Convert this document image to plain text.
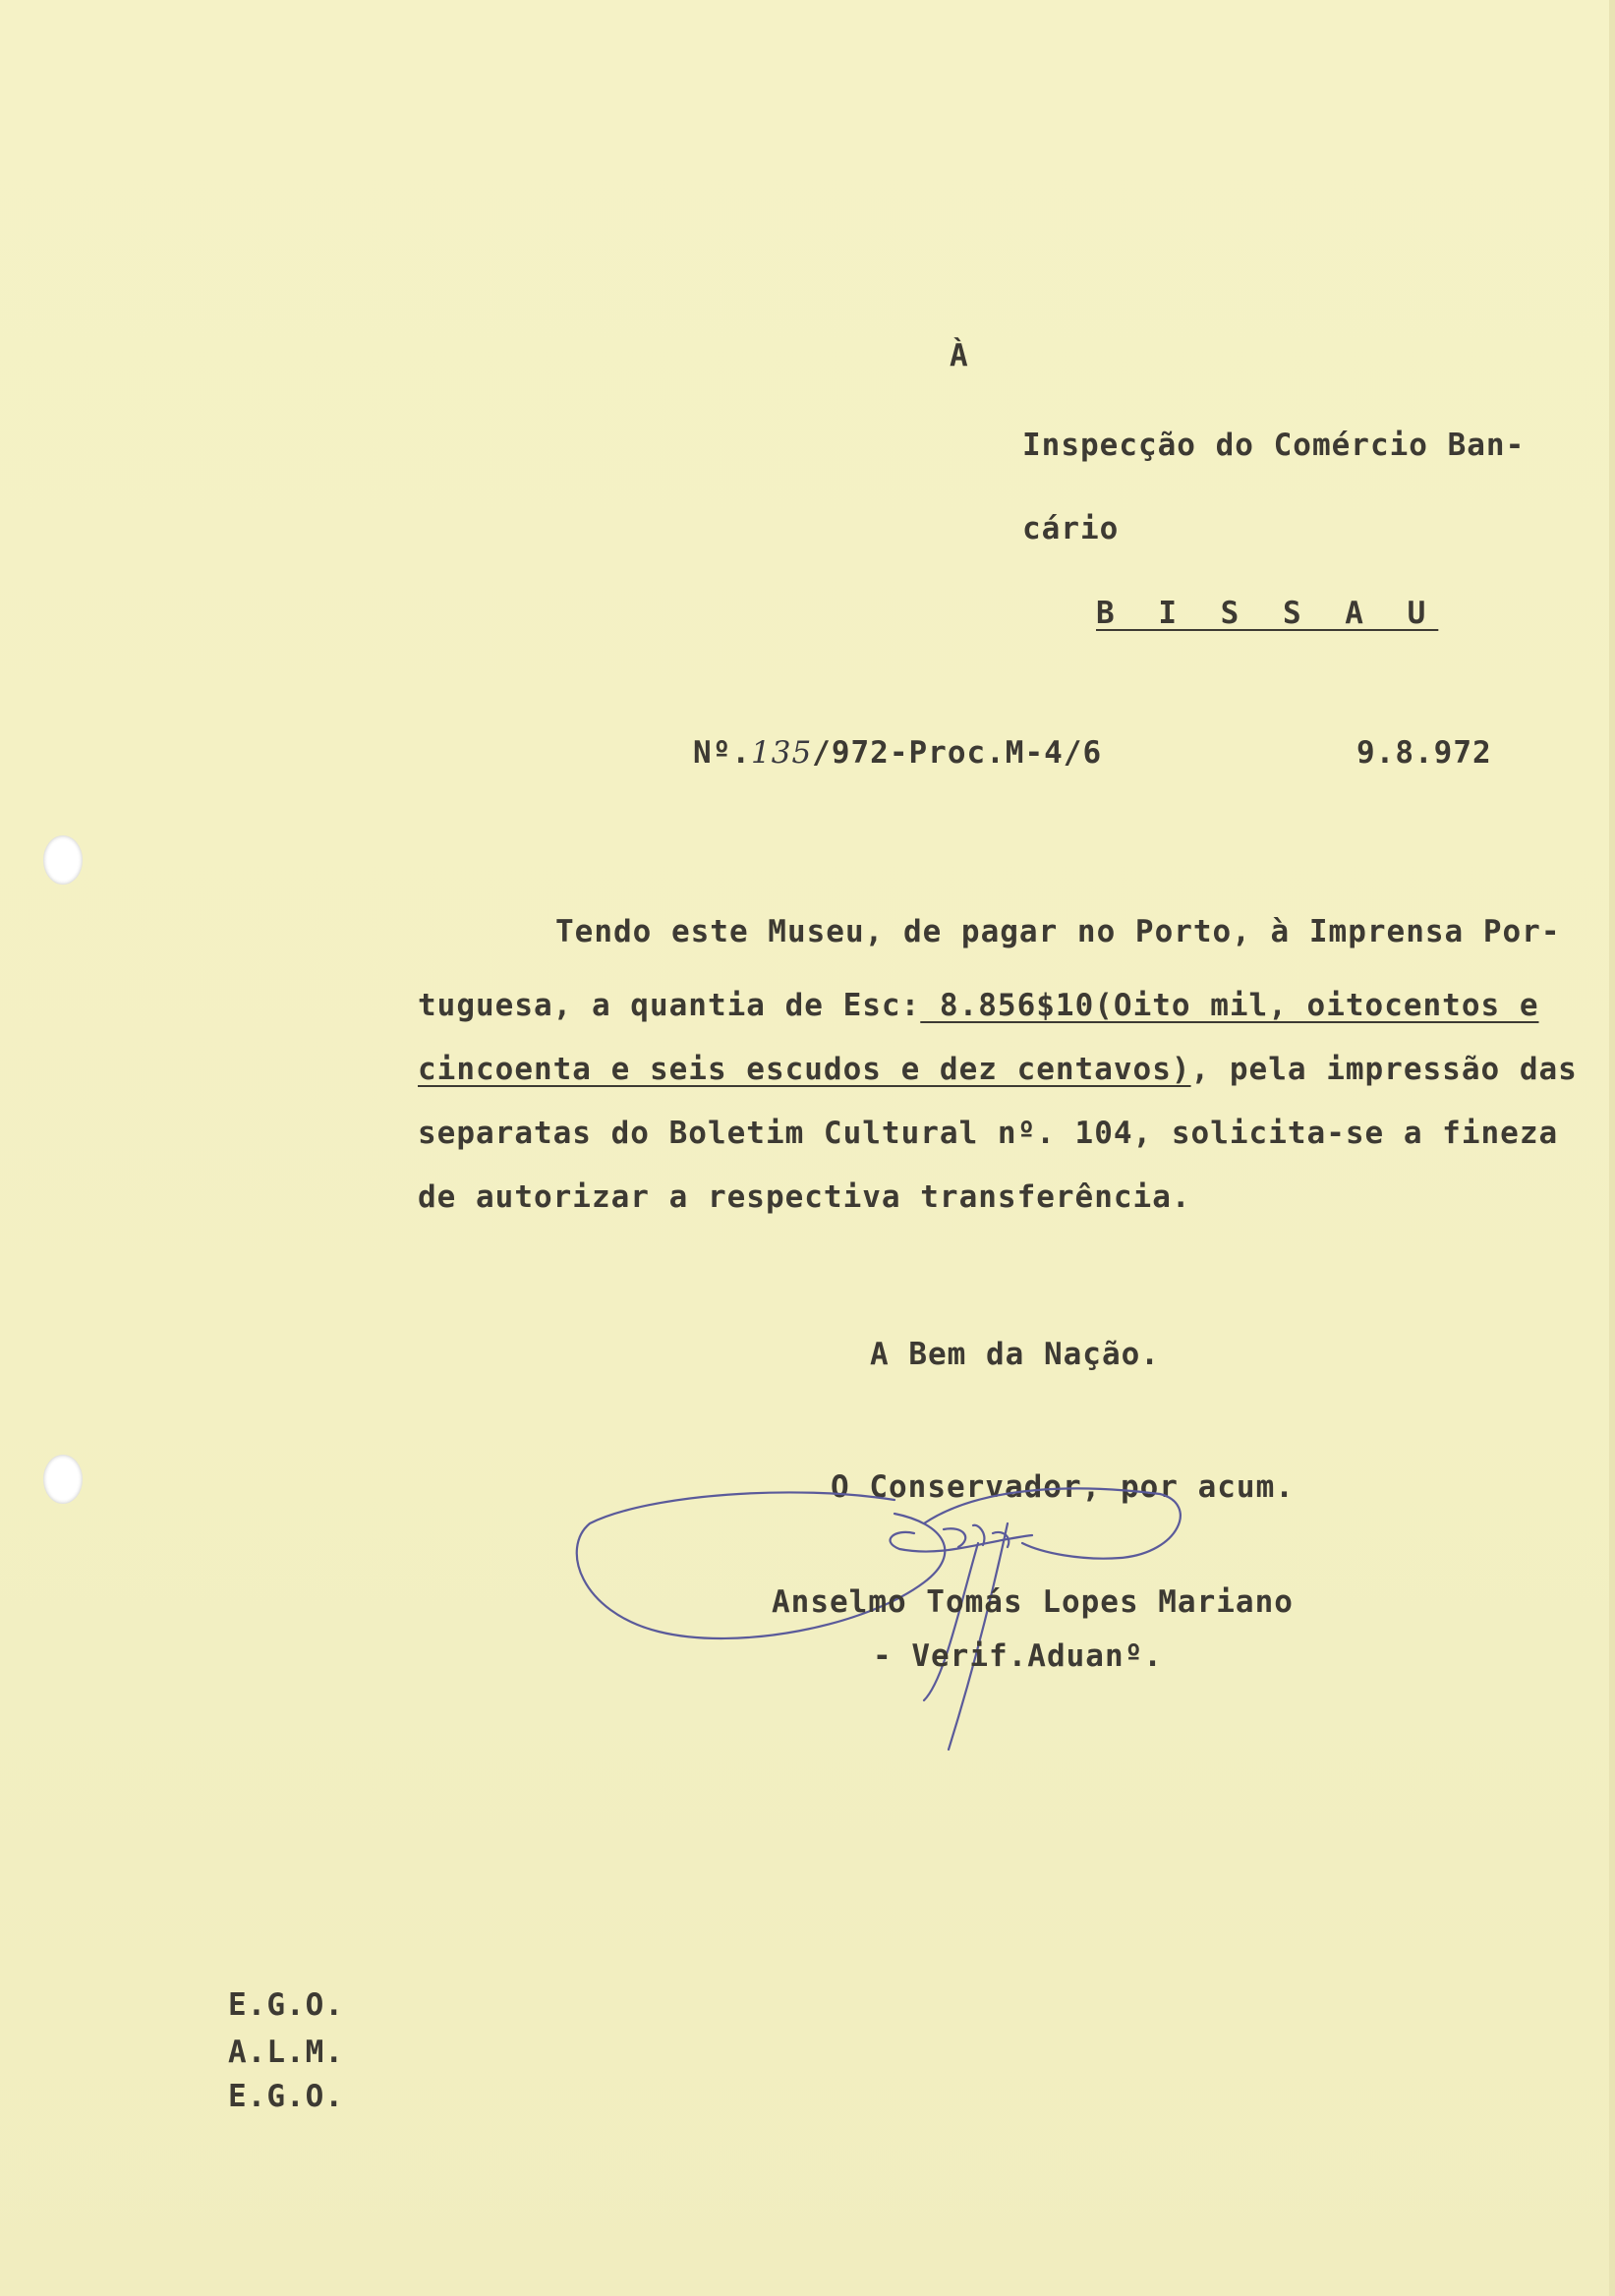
À
Inspecção do Comércio Ban-
cário
B I S S A U
Nº.135/972-Proc.M-4/6	9.8.972
Tendo este Museu, de pagar no Porto, à Imprensa Por-
tuguesa, a quantia de Esc: 8.856$10(Oito mil, oitocentos e
cincoenta e seis escudos e dez centavos), pela impressão das
separatas do Boletim Cultural nº. 104, solicita-se a fineza
de autorizar a respectiva transferência.
A Bem da Nação.
O Conservador, por acum.
Anselmo Tomás Lopes Mariano
- Verif.Aduanº.
E.G.O.
A.L.M.
E.G.O.
